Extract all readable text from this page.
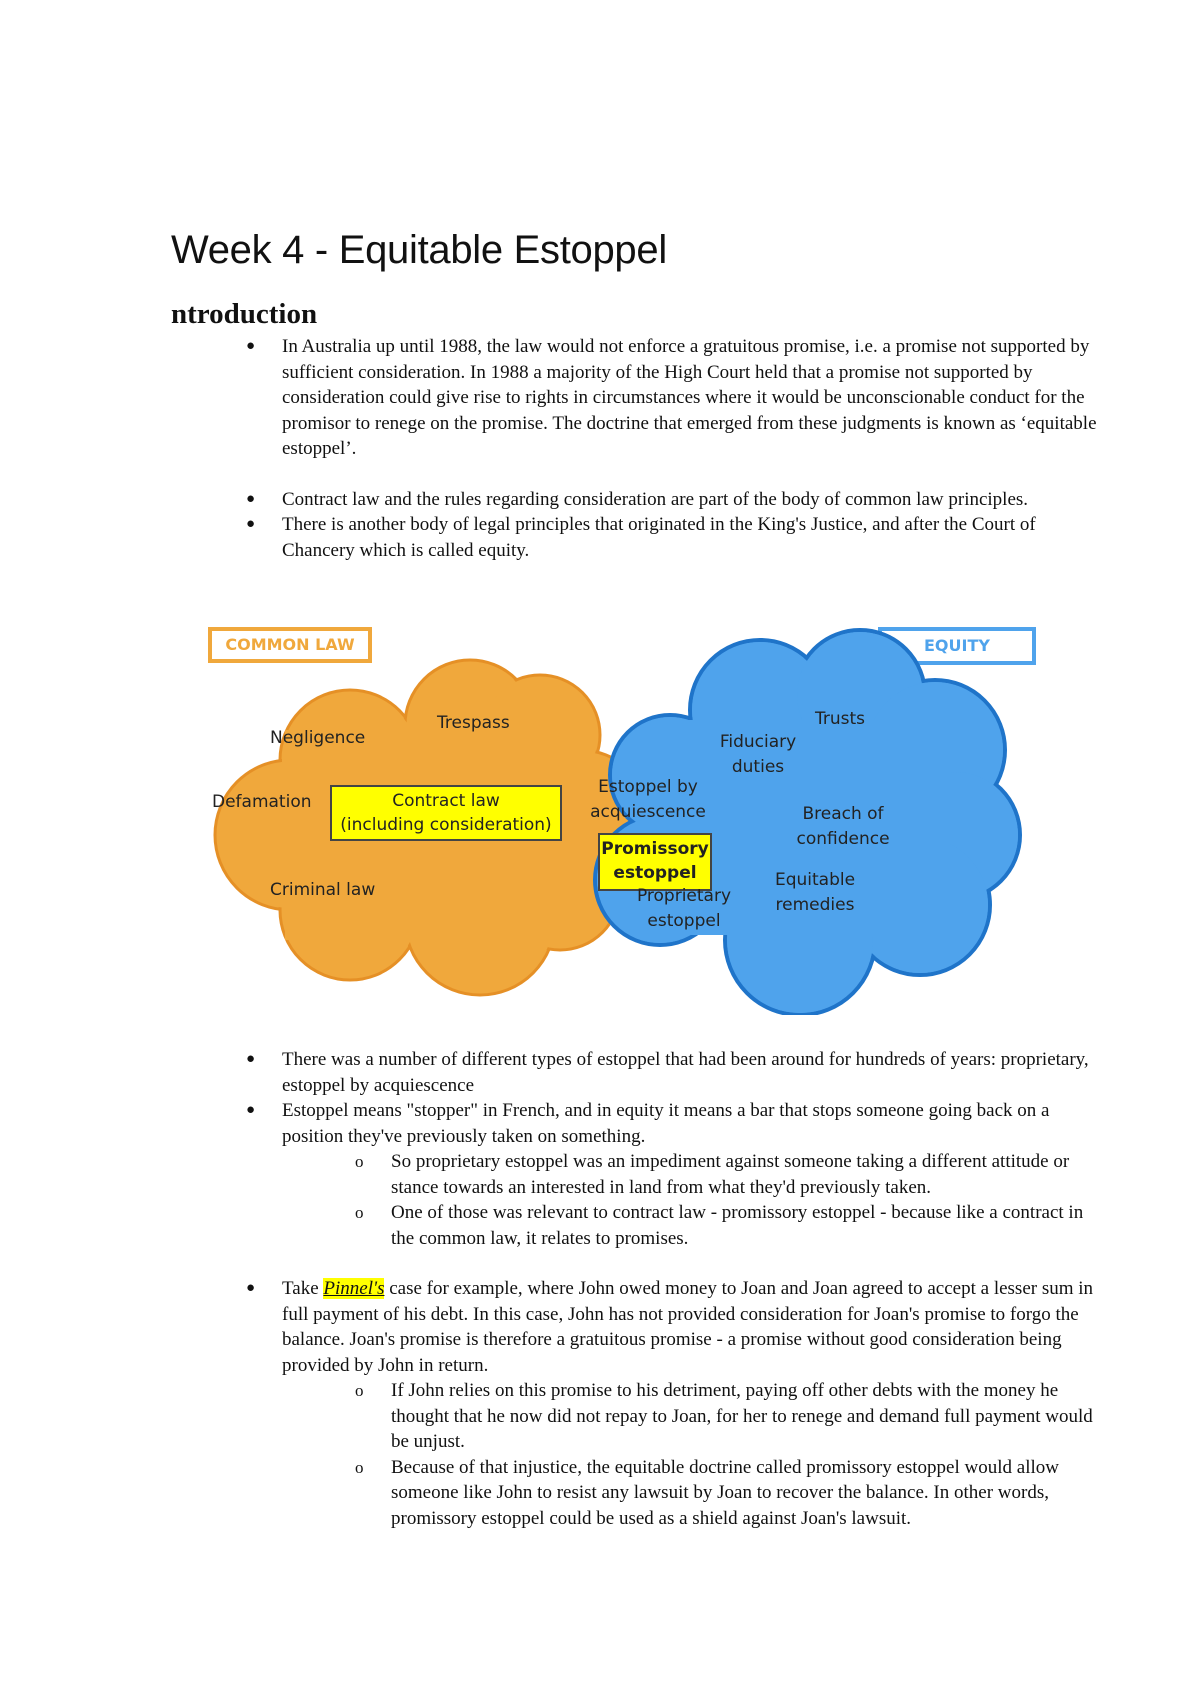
Week 4 - Equitable Estoppel
ntroduction
● In Australia up until 1988, the law would not enforce a gratuitous promise, i.e. a promise not supported by sufficient consideration. In 1988 a majority of the High Court held that a promise not supported by consideration could give rise to rights in circumstances where it would be unconscionable conduct for the promisor to renege on the promise. The doctrine that emerged from these judgments is known as ‘equitable estoppel’.
● Contract law and the rules regarding consideration are part of the body of common law principles.
● There is another body of legal principles that originated in the King's Justice, and after the Court of Chancery which is called equity.
COMMON LAW	EQUITY
Negligence
Trespass
Defamation
Criminal law
Contract law
(including consideration)
Trusts
Fiduciary
duties
Estoppel by
acquiescence	Breach of
confidence
Promissory
estoppel	Equitable
remedies
Proprietary
estoppel
● There was a number of different types of estoppel that had been around for hundreds of years: proprietary, estoppel by acquiescence
● Estoppel means "stopper" in French, and in equity it means a bar that stops someone going back on a position they've previously taken on something.
o So proprietary estoppel was an impediment against someone taking a different attitude or stance towards an interested in land from what they'd previously taken.
o One of those was relevant to contract law - promissory estoppel - because like a contract in the common law, it relates to promises.
● Take Pinnel's case for example, where John owed money to Joan and Joan agreed to accept a lesser sum in full payment of his debt. In this case, John has not provided consideration for Joan's promise to forgo the balance. Joan's promise is therefore a gratuitous promise - a promise without good consideration being provided by John in return.
o If John relies on this promise to his detriment, paying off other debts with the money he thought that he now did not repay to Joan, for her to renege and demand full payment would be unjust.
o Because of that injustice, the equitable doctrine called promissory estoppel would allow someone like John to resist any lawsuit by Joan to recover the balance. In other words, promissory estoppel could be used as a shield against Joan's lawsuit.
